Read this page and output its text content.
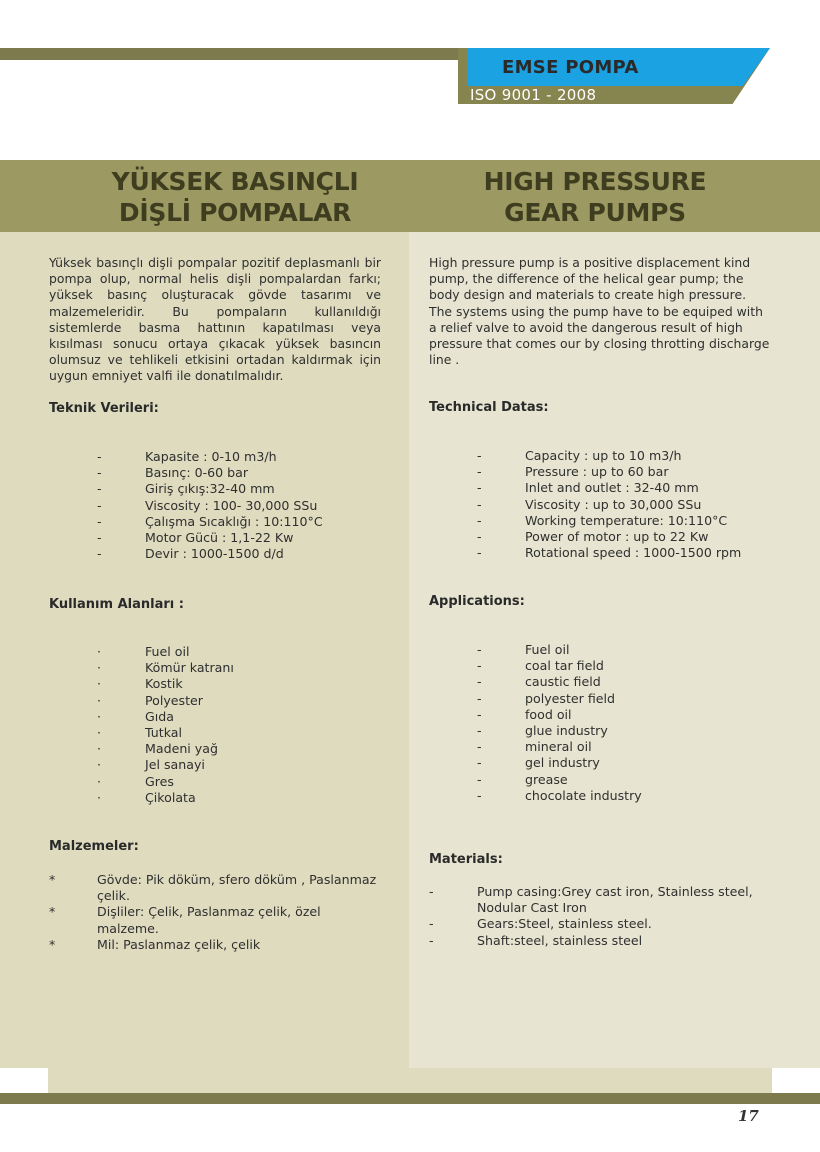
EMSE POMPA
ISO 9001 - 2008
YÜKSEK BASINÇLI
DİŞLİ POMPALAR
HIGH PRESSURE
GEAR PUMPS

Yüksek basınçlı dişli pompalar pozitif deplasmanlı bir pompa olup, normal helis dişli pompalardan farkı; yüksek basınç oluşturacak gövde tasarımı ve malzemeleridir. Bu pompaların kullanıldığı sistemlerde basma hattının kapatılması veya kısılması sonucu ortaya çıkacak yüksek basıncın olumsuz ve tehlikeli etkisini ortadan kaldırmak için uygun emniyet valfi ile donatılmalıdır.

Teknik Verileri:
-	Kapasite : 0-10 m3/h
-	Basınç: 0-60 bar
-	Giriş çıkış:32-40 mm
-	Viscosity : 100- 30,000 SSu
-	Çalışma Sıcaklığı : 10:110°C
-	Motor Gücü : 1,1-22 Kw
-	Devir : 1000-1500 d/d
Kullanım Alanları :
·	Fuel oil
·	Kömür katranı
·	Kostik
·	Polyester
·	Gıda
·	Tutkal
·	Madeni yağ
·	Jel sanayi
·	Gres
·	Çikolata
Malzemeler:
*	Gövde: Pik döküm, sfero döküm , Paslanmaz çelik.
*	Dişliler: Çelik, Paslanmaz çelik, özel malzeme.
*	Mil: Paslanmaz çelik, çelik

High pressure pump is a positive displacement kind pump, the difference of the helical gear pump; the body design and materials to create high pressure.

The systems using the pump have to be equiped with a relief valve to avoid the dangerous result of high pressure that comes our by closing throtting discharge line .

Technical Datas:
-	Capacity : up to 10 m3/h
-	Pressure : up to 60 bar
-	Inlet and outlet : 32-40 mm
-	Viscosity : up to 30,000 SSu
-	Working temperature: 10:110°C
-	Power of motor : up to 22 Kw
-	Rotational speed : 1000-1500 rpm
Applications:
-	Fuel oil
-	coal tar field
-	caustic field
-	polyester field
-	food oil
-	glue industry
-	mineral oil
-	gel industry
-	grease
-	chocolate industry
Materials:
-	Pump casing:Grey cast iron, Stainless steel, Nodular Cast Iron
-	Gears:Steel, stainless steel.
-	Shaft:steel, stainless steel
17
